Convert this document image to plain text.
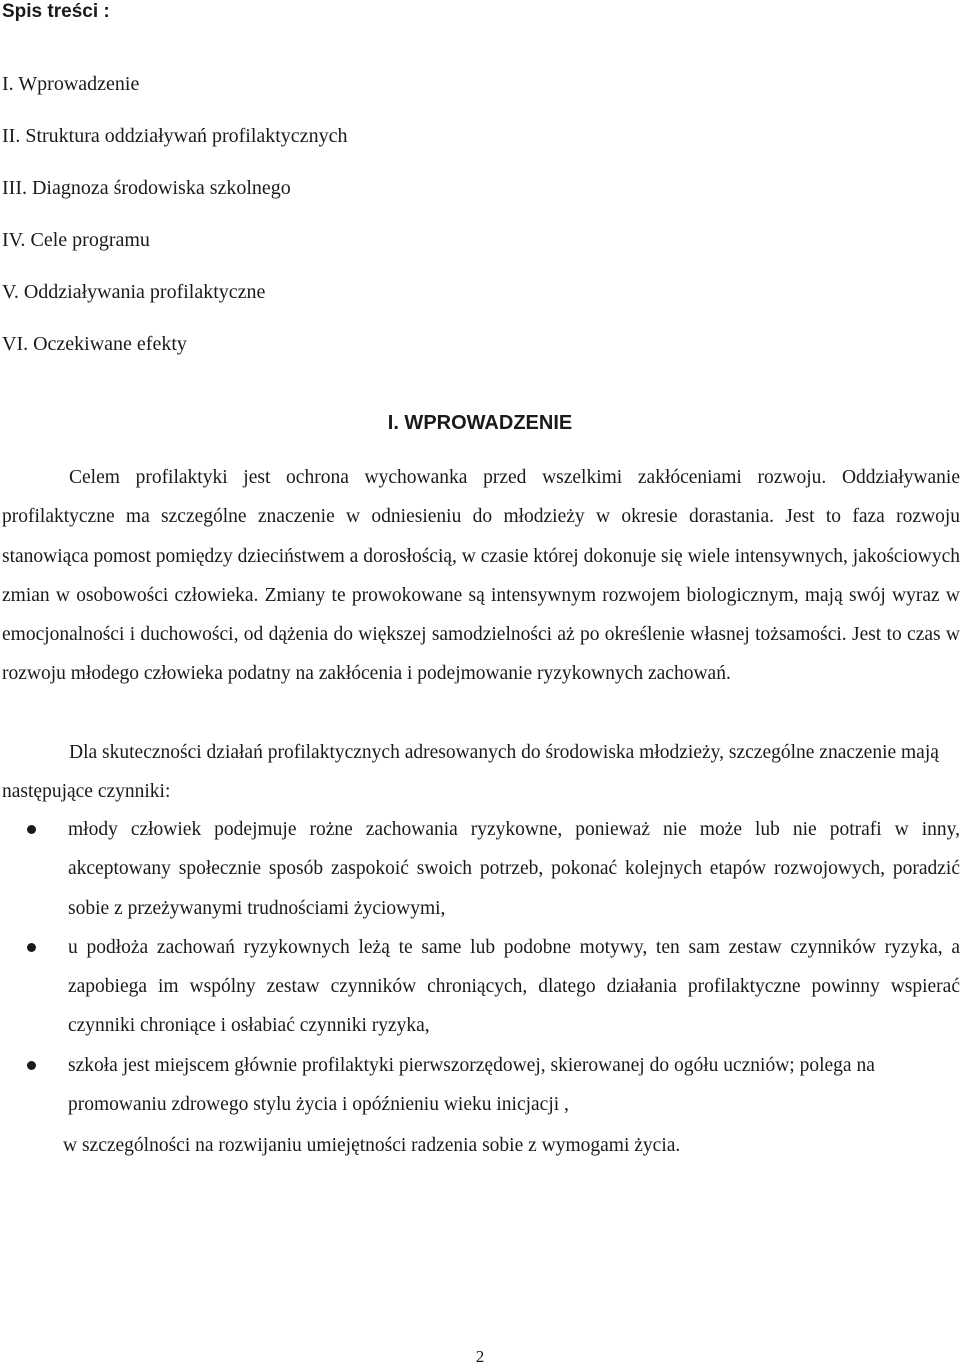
Spis treści :
I. Wprowadzenie
II. Struktura oddziaływań profilaktycznych
III. Diagnoza środowiska szkolnego
IV. Cele programu
V. Oddziaływania profilaktyczne
VI. Oczekiwane efekty
I. WPROWADZENIE

Celem profilaktyki jest ochrona wychowanka przed wszelkimi zakłóceniami rozwoju. Oddziaływanie profilaktyczne ma szczególne znaczenie w odniesieniu do młodzieży w okresie dorastania. Jest to faza rozwoju stanowiąca pomost pomiędzy dzieciństwem a dorosłością, w czasie której dokonuje się wiele intensywnych, jakościowych zmian w osobowości człowieka. Zmiany te prowokowane są intensywnym rozwojem biologicznym, mają swój wyraz w emocjonalności i duchowości, od dążenia do większej samodzielności aż po określenie własnej tożsamości. Jest to czas w rozwoju młodego człowieka podatny na zakłócenia i podejmowanie ryzykownych zachowań.

Dla skuteczności działań profilaktycznych adresowanych do środowiska młodzieży, szczególne znaczenie mają następujące czynniki:

młody człowiek podejmuje rożne zachowania ryzykowne, ponieważ nie może lub nie potrafi w inny, akceptowany społecznie sposób zaspokoić swoich potrzeb, pokonać kolejnych etapów rozwojowych, poradzić sobie z przeżywanymi trudnościami życiowymi,
u podłoża zachowań ryzykownych leżą te same lub podobne motywy, ten sam zestaw czynników ryzyka, a zapobiega im wspólny zestaw czynników chroniących, dlatego działania profilaktyczne powinny wspierać czynniki chroniące i osłabiać czynniki ryzyka,
szkoła jest miejscem głównie profilaktyki pierwszorzędowej, skierowanej do ogółu uczniów; polega na promowaniu zdrowego stylu życia i opóźnieniu wieku inicjacji ,

w szczególności na rozwijaniu umiejętności radzenia sobie z wymogami życia.

2
